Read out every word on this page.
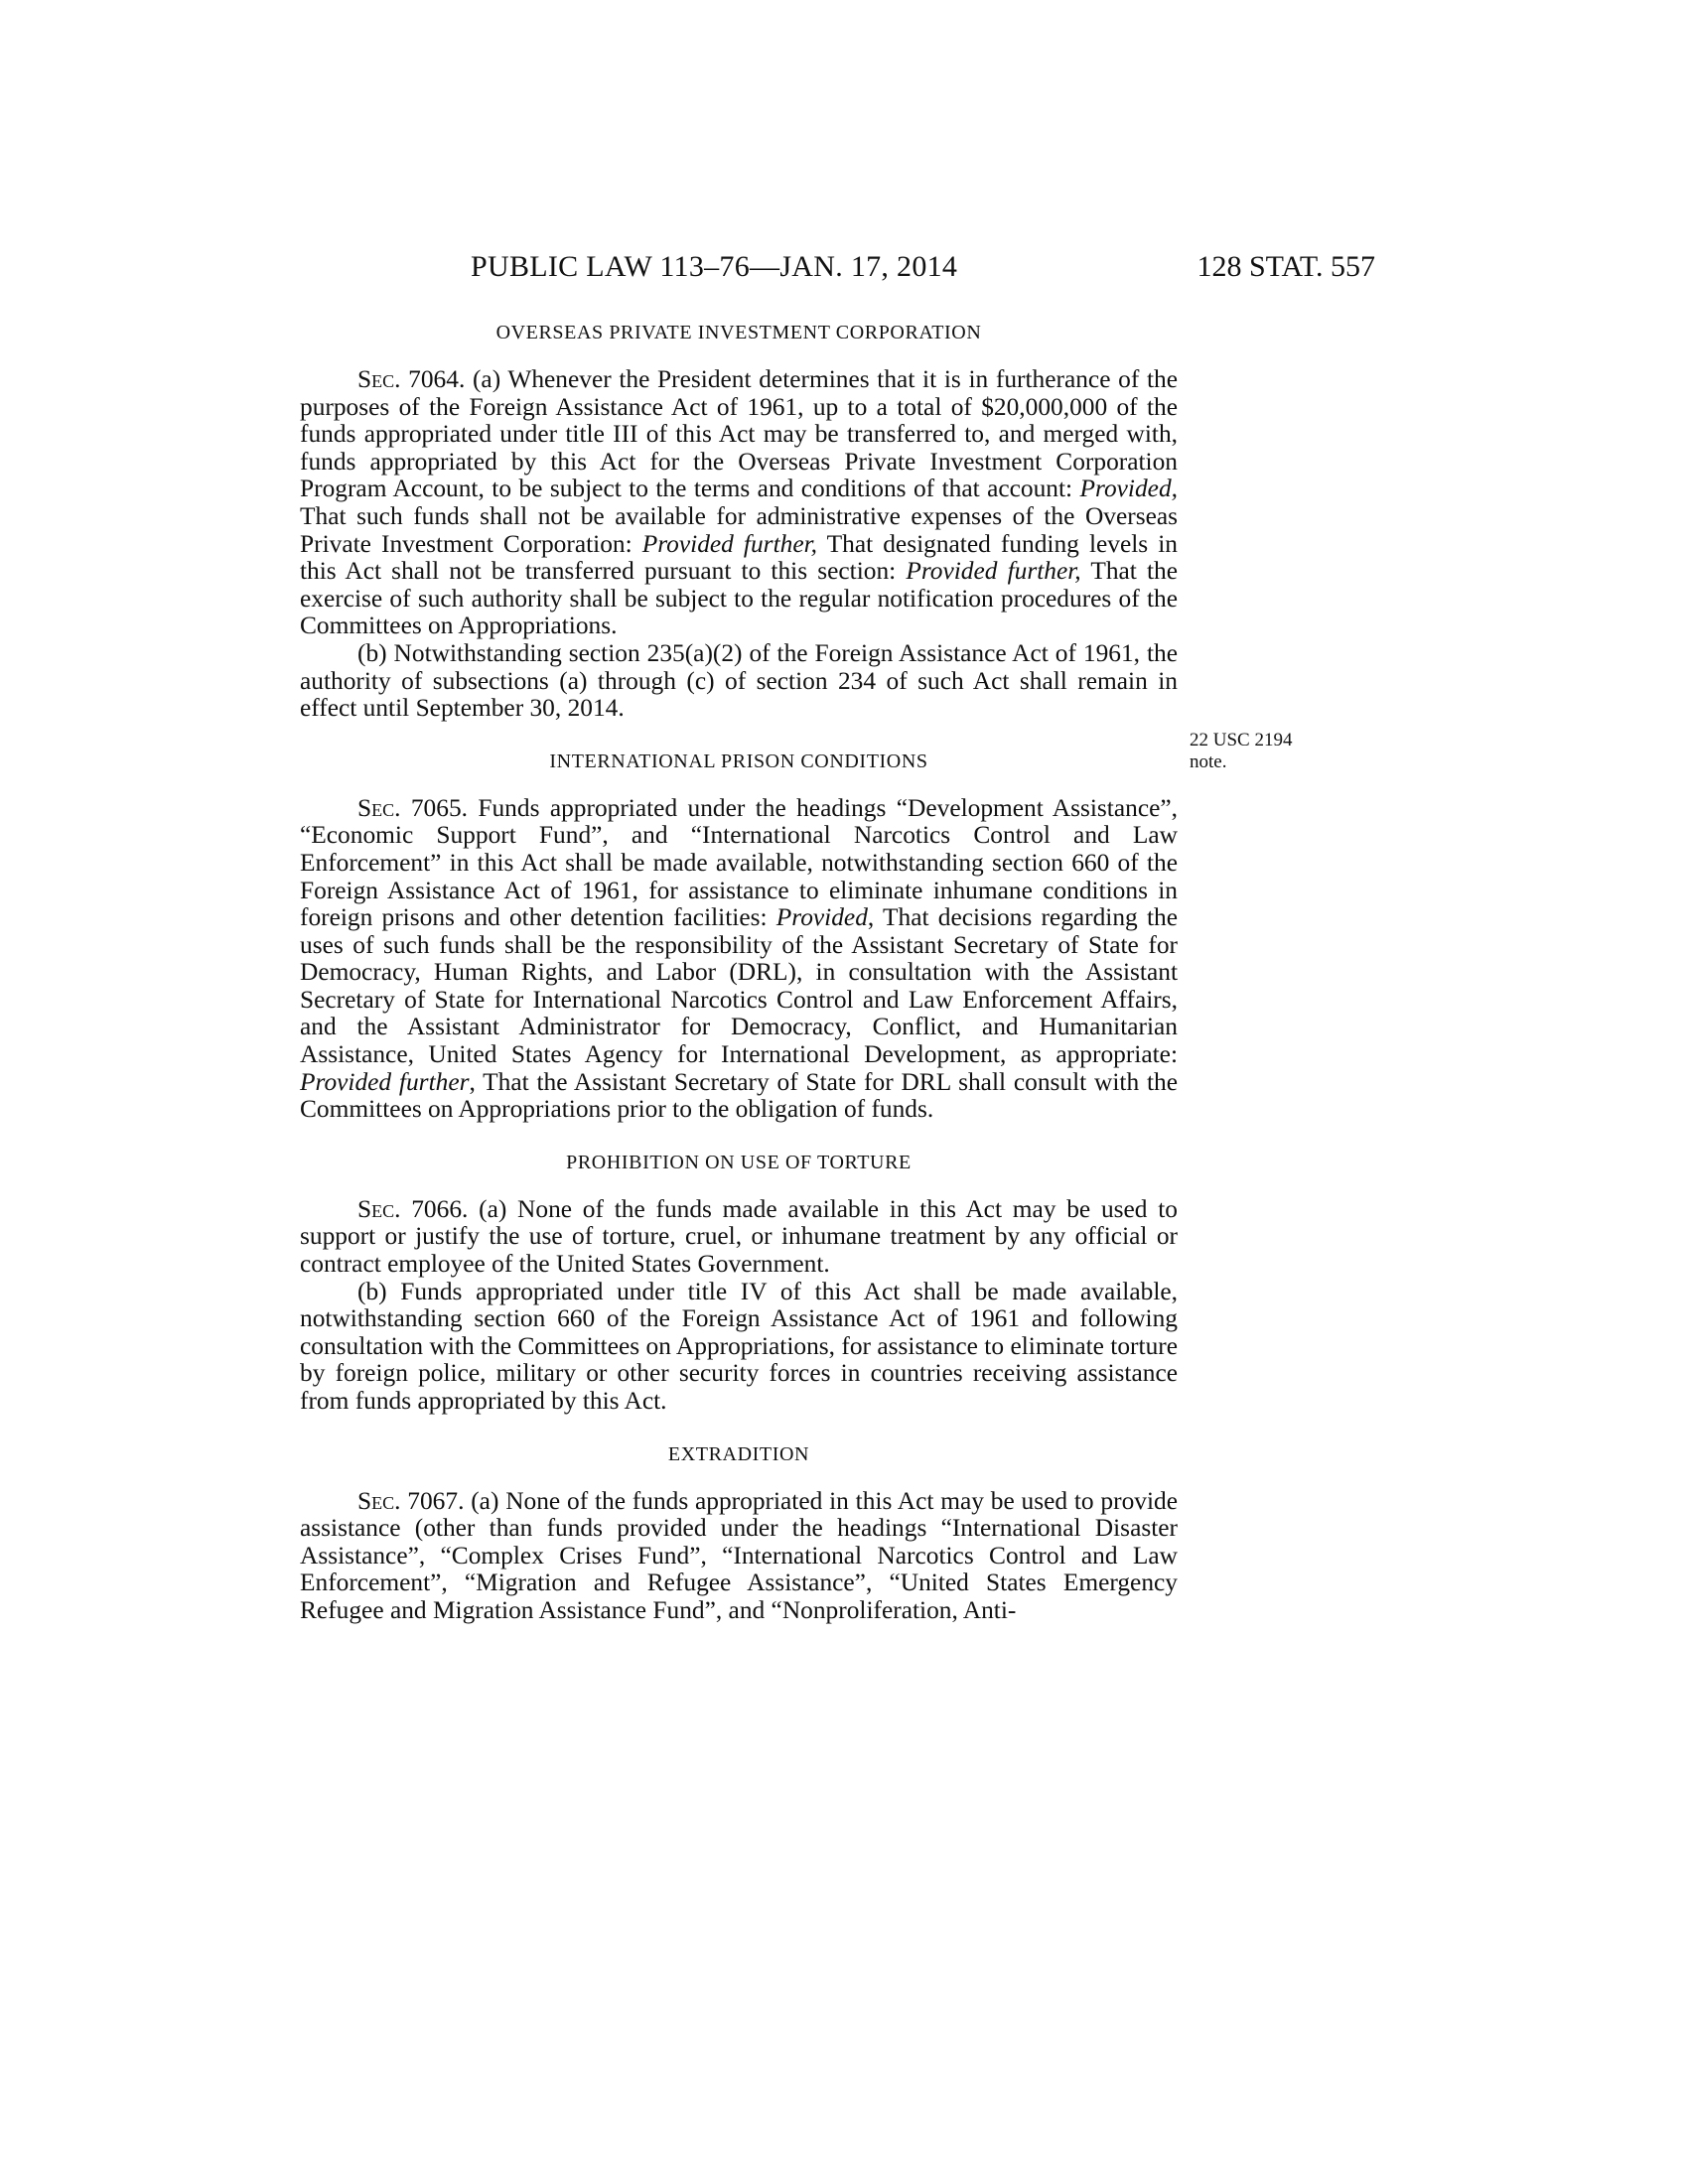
PUBLIC LAW 113–76—JAN. 17, 2014	128 STAT. 557
OVERSEAS PRIVATE INVESTMENT CORPORATION

Sec. 7064. (a) Whenever the President determines that it is in furtherance of the purposes of the Foreign Assistance Act of 1961, up to a total of $20,000,000 of the funds appropriated under title III of this Act may be transferred to, and merged with, funds appropriated by this Act for the Overseas Private Investment Corporation Program Account, to be subject to the terms and conditions of that account: Provided, That such funds shall not be available for administrative expenses of the Overseas Private Investment Corporation: Provided further, That designated funding levels in this Act shall not be transferred pursuant to this section: Provided further, That the exercise of such authority shall be subject to the regular notification procedures of the Committees on Appropriations.

(b) Notwithstanding section 235(a)(2) of the Foreign Assistance Act of 1961, the authority of subsections (a) through (c) of section 234 of such Act shall remain in effect until September 30, 2014.

INTERNATIONAL PRISON CONDITIONS

Sec. 7065. Funds appropriated under the headings “Development Assistance”, “Economic Support Fund”, and “International Narcotics Control and Law Enforcement” in this Act shall be made available, notwithstanding section 660 of the Foreign Assistance Act of 1961, for assistance to eliminate inhumane conditions in foreign prisons and other detention facilities: Provided, That decisions regarding the uses of such funds shall be the responsibility of the Assistant Secretary of State for Democracy, Human Rights, and Labor (DRL), in consultation with the Assistant Secretary of State for International Narcotics Control and Law Enforcement Affairs, and the Assistant Administrator for Democracy, Conflict, and Humanitarian Assistance, United States Agency for International Development, as appropriate: Provided further, That the Assistant Secretary of State for DRL shall consult with the Committees on Appropriations prior to the obligation of funds.

PROHIBITION ON USE OF TORTURE

Sec. 7066. (a) None of the funds made available in this Act may be used to support or justify the use of torture, cruel, or inhumane treatment by any official or contract employee of the United States Government.

(b) Funds appropriated under title IV of this Act shall be made available, notwithstanding section 660 of the Foreign Assistance Act of 1961 and following consultation with the Committees on Appropriations, for assistance to eliminate torture by foreign police, military or other security forces in countries receiving assistance from funds appropriated by this Act.

EXTRADITION

Sec. 7067. (a) None of the funds appropriated in this Act may be used to provide assistance (other than funds provided under the headings “International Disaster Assistance”, “Complex Crises Fund”, “International Narcotics Control and Law Enforcement”, “Migration and Refugee Assistance”, “United States Emergency Refugee and Migration Assistance Fund”, and “Nonproliferation, Anti-

22 USC 2194 note.
